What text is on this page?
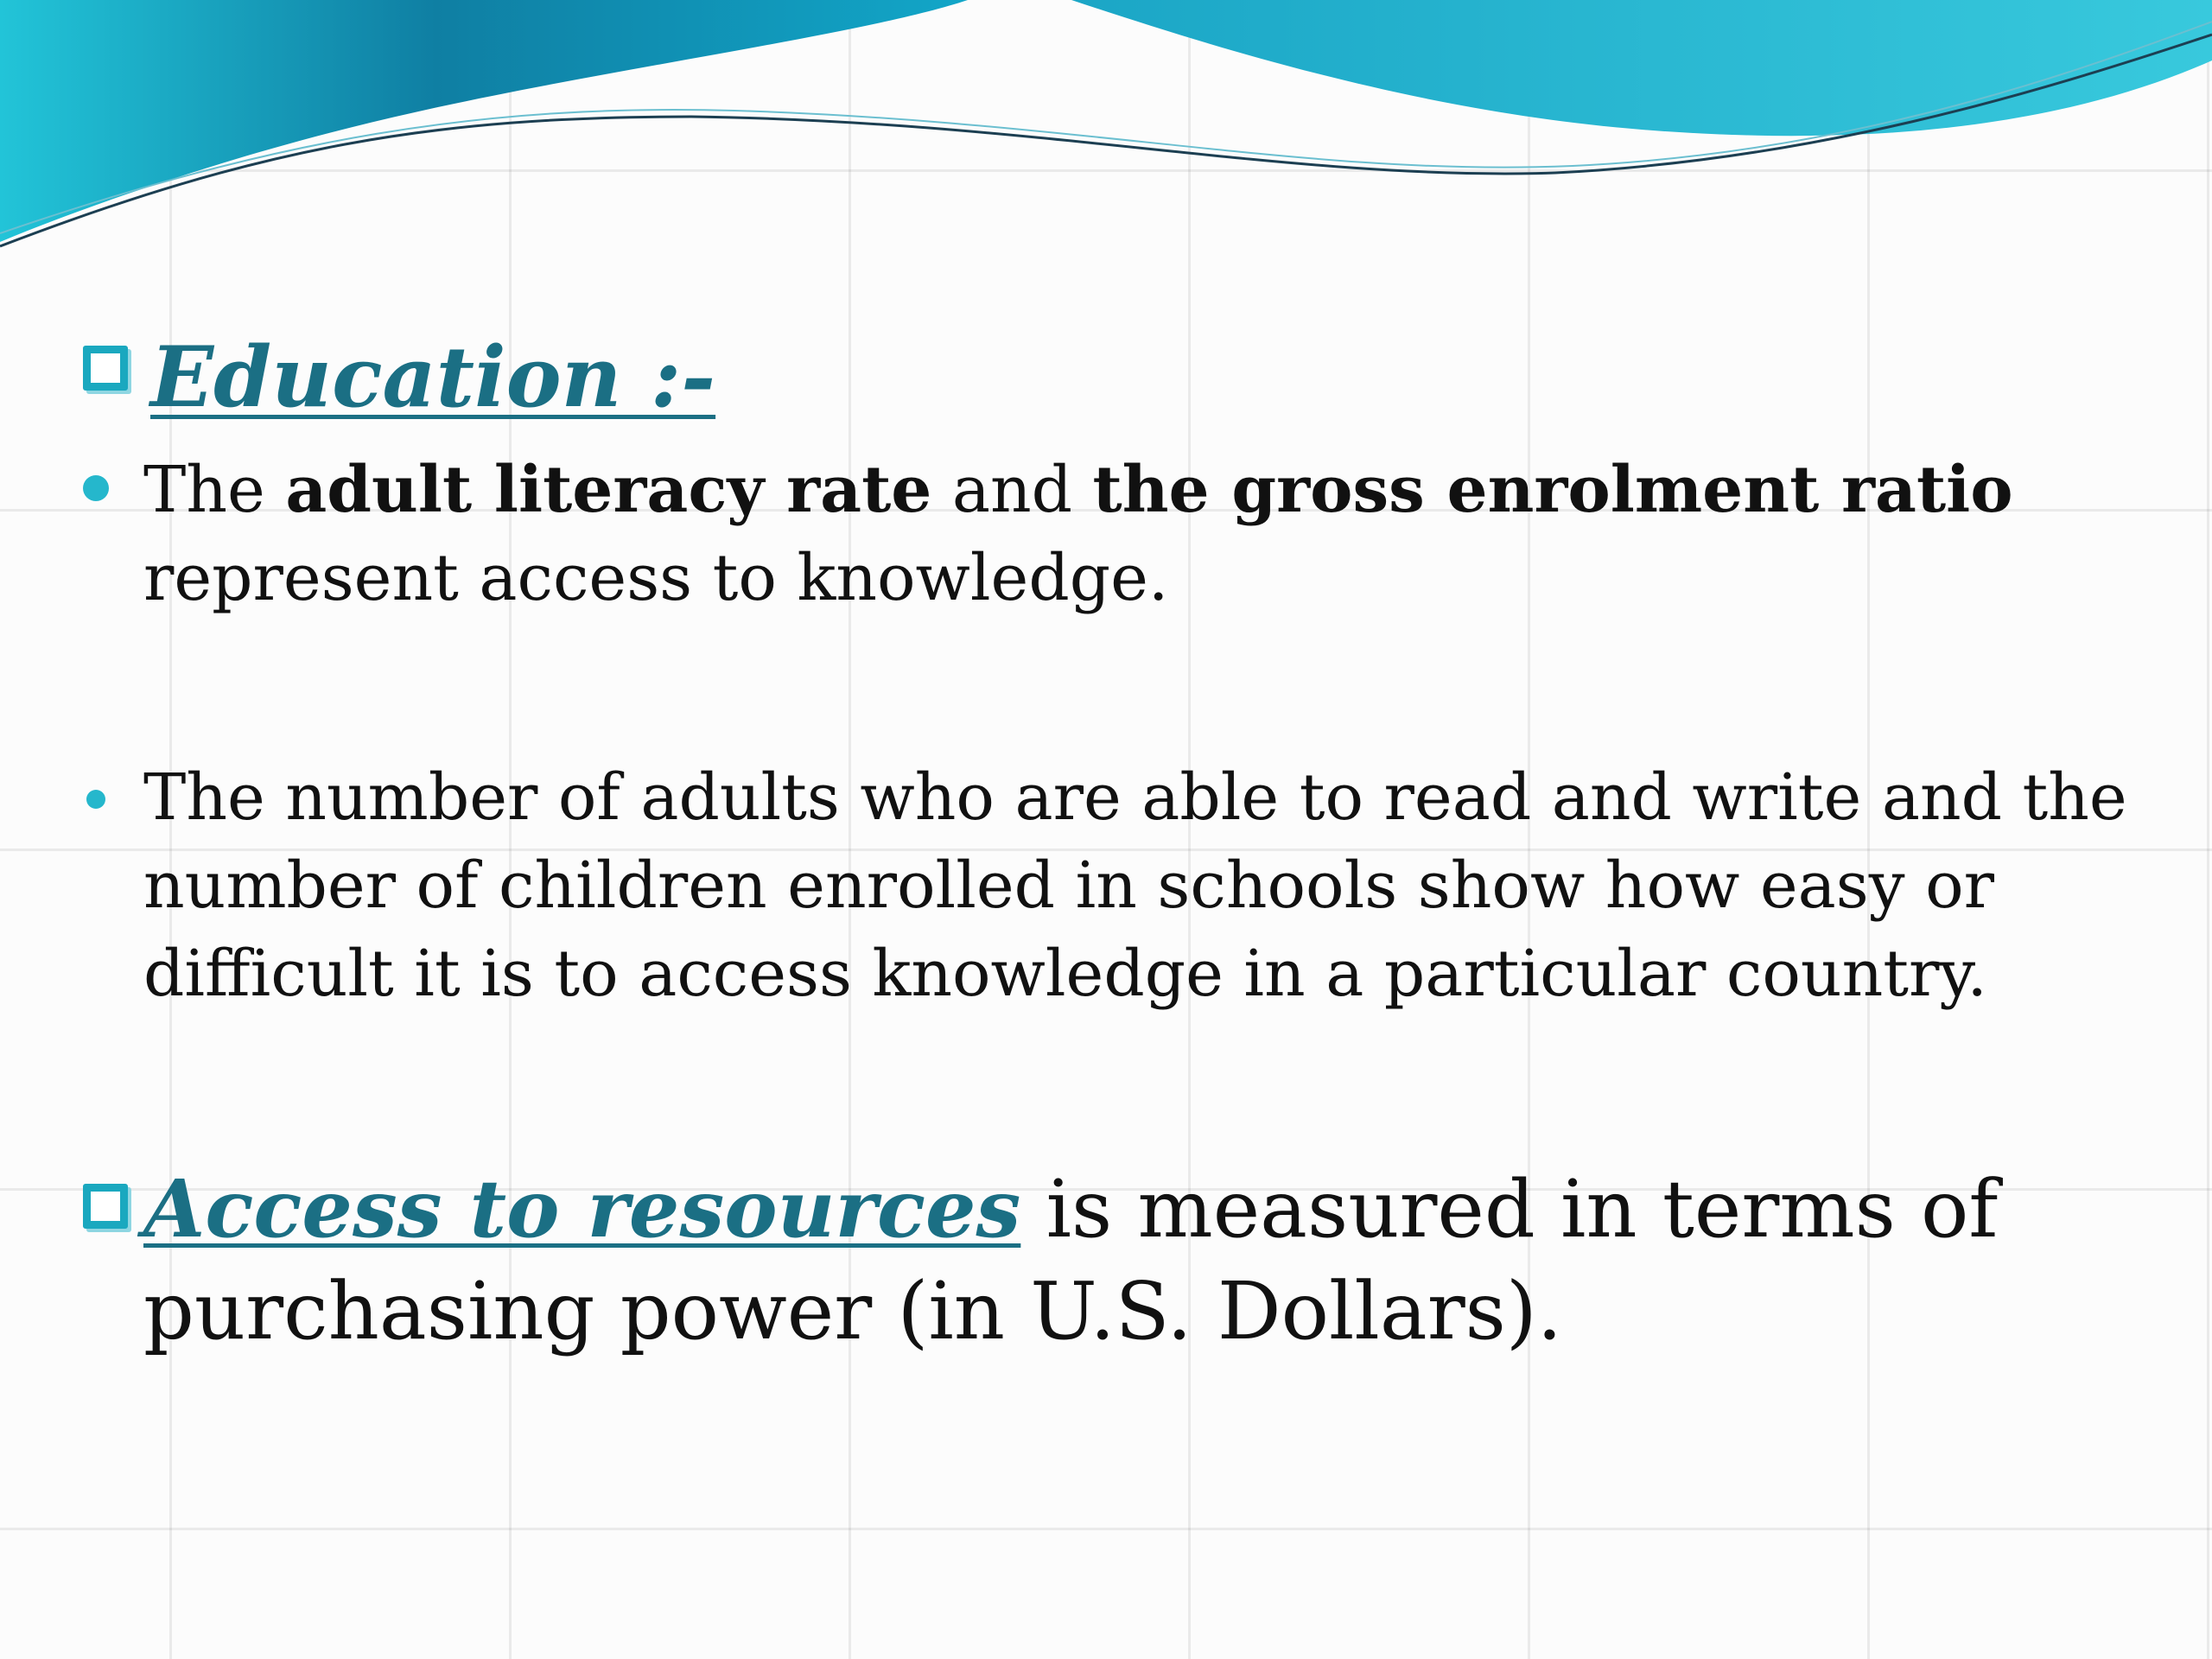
Education :-
The adult literacy rate and the gross enrolment ratio represent access to knowledge.
The number of adults who are able to read and write and the number of children enrolled in schools show how easy or difficult it is to access knowledge in a particular country.
Access to resources is measured in terms of purchasing power (in U.S. Dollars).
